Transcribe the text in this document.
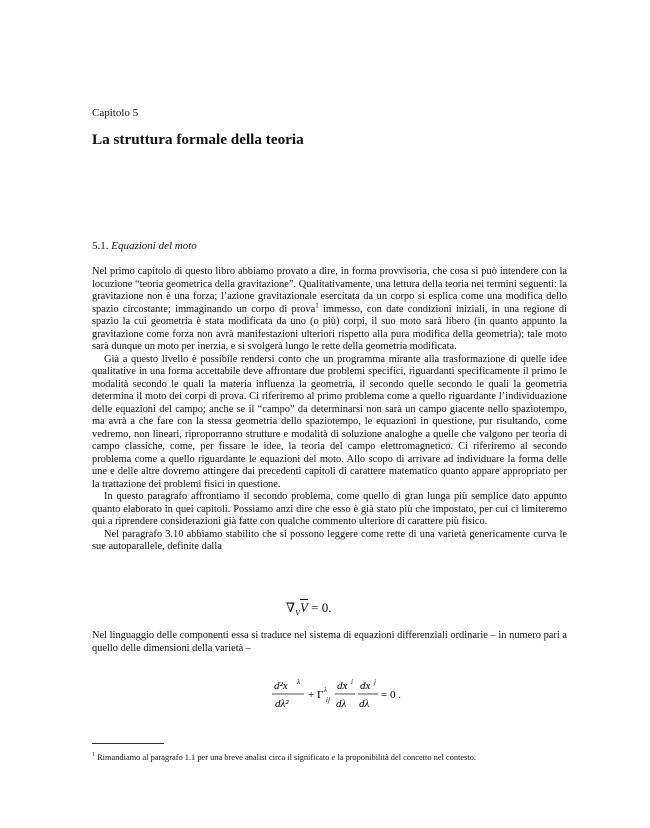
Capitolo 5
La struttura formale della teoria
5.1. Equazioni del moto

Nel primo capitolo di questo libro abbiamo provato a dire, in forma provvisoria, che cosa si può intendere con la locuzione “teoria geometrica della gravitazione”. Qualitativamente, una lettura della teoria nei termini seguenti: la gravitazione non è una forza; l’azione gravitazionale esercitata da un corpo si esplica come una modifica dello spazio circostante; immaginando un corpo di prova$^1$ immesso, con date condizioni iniziali, in una regione di spazio la cui geometria è stata modificata da uno (o più) corpi, il suo moto sarà libero (in quanto appunto la gravitazione come forza non avrà manifestazioni ulteriori rispetto alla pura modifica della geometria); tale moto sarà dunque un moto per inerzia, e si svolgerà lungo le rette della geometria modificata.

Già a questo livello è possibile rendersi conto che un programma mirante alla trasformazione di quelle idee qualitative in una forma accettabile deve affrontare due problemi specifici, riguardanti specificamente il primo le modalità secondo le quali la materia influenza la geometria, il secondo quelle secondo le quali la geometria determina il moto dei corpi di prova. Ci riferiremo al primo problema come a quello riguardante l’individuazione delle equazioni del campo; anche se il “campo” da determinarsi non sarà un campo giacente nello spaziotempo, ma avrà a che fare con la stessa geometria dello spaziotempo, le equazioni in questione, pur risultando, come vedremo, non lineari, riproporranno strutture e modalità di soluzione analoghe a quelle che valgono per teoria di campo classiche, come, per fissare le idee, la teoria del campo elettromagnetico. Ci riferiremo al secondo problema come a quello riguardante le equazioni del moto. Allo scopo di arrivare ad individuare la forma delle une e delle altre dovremo attingere dai precedenti capitoli di carattere matematico quanto appare appropriato per la trattazione dei problemi fisici in questione.

In questo paragrafo affrontiamo il secondo problema, come quello di gran lunga più semplice dato appunto quanto elaborato in quei capitoli. Possiamo anzi dire che esso è già stato più che impostato, per cui ci limiteremo qui a riprendere considerazioni già fatte con qualche commento ulteriore di carattere più fisico.

Nel paragrafo 3.10 abbiamo stabilito che si possono leggere come rette di una varietà genericamente curva le sue autoparallele, definite dalla

$\nabla_V\overline{V} = 0$.

Nel linguaggio delle componenti essa si traduce nel sistema di equazioni differenziali ordinarie – in numero pari a quello delle dimensioni della varietà –

d²x λ
dλ²
+ Γ λ
ij
dx i
dλ
dx j
dλ
= 0 .
$^1$ Rimandiamo al paragrafo 1.1 per una breve analisi circa il significato e la proponibilità del concetto nel contesto.
